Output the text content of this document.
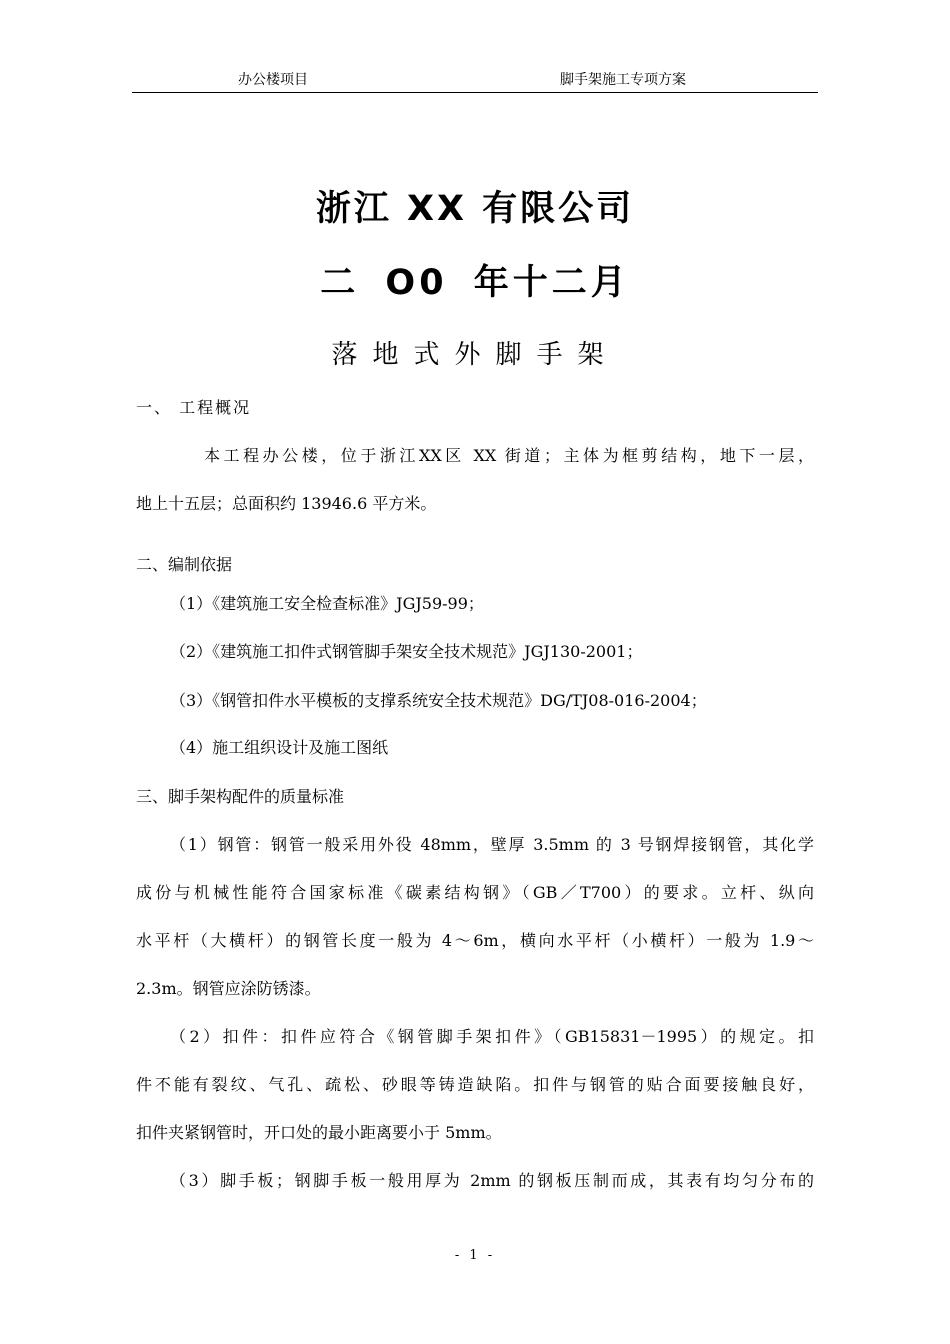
办公楼项目	脚手架施工专项方案
浙江 XX 有限公司
二 O0 年十二月
落地式外脚手架
一、 工程概况
本工程办公楼，位于浙江XX区 XX 街道；主体为框剪结构，地下一层，
地上十五层；总面积约 13946.6 平方米。
二、编制依据
（1）《建筑施工安全检查标准》JGJ59-99；
（2）《建筑施工扣件式钢管脚手架安全技术规范》JGJ130-2001；
（3）《钢管扣件水平模板的支撑系统安全技术规范》DG/TJ08-016-2004；
（4）施工组织设计及施工图纸
三、脚手架构配件的质量标准
（1）钢管：钢管一般采用外役 48mm，壁厚 3.5mm 的 3 号钢焊接钢管，其化学
成份与机械性能符合国家标准《碳素结构钢》（GB／T700）的要求。立杆、纵向
水平杆（大横杆）的钢管长度一般为 4～6m，横向水平杆（小横杆）一般为 1.9～
2.3m。钢管应涂防锈漆。
（2）扣件：扣件应符合《钢管脚手架扣件》（GB15831－1995）的规定。扣
件不能有裂纹、气孔、疏松、砂眼等铸造缺陷。扣件与钢管的贴合面要接触良好，
扣件夹紧钢管时，开口处的最小距离要小于 5mm。
（3）脚手板；钢脚手板一般用厚为 2mm 的钢板压制而成，其表有均匀分布的
- 1 -
